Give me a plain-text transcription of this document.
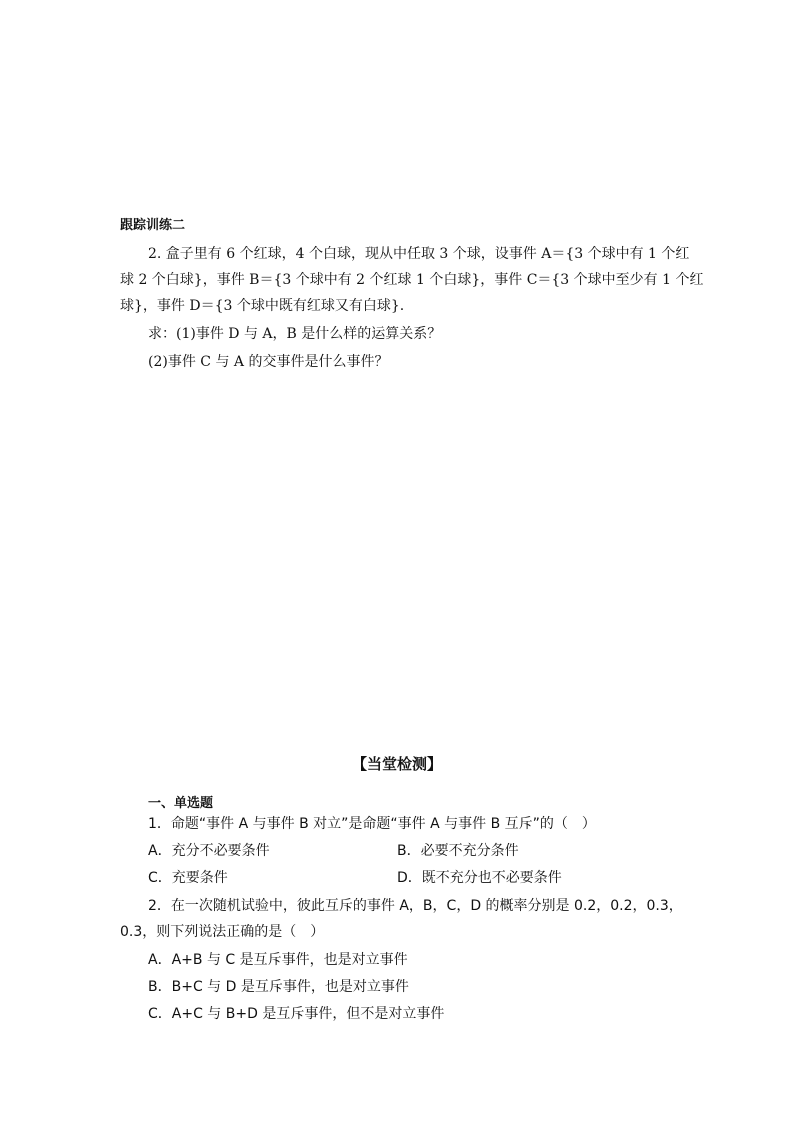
跟踪训练二
2. 盒子里有 6 个红球，4 个白球，现从中任取 3 个球，设事件 A＝{3 个球中有 1 个红
球 2 个白球}，事件 B＝{3 个球中有 2 个红球 1 个白球}，事件 C＝{3 个球中至少有 1 个红
球}，事件 D＝{3 个球中既有红球又有白球}.
求：(1)事件 D 与 A，B 是什么样的运算关系？
(2)事件 C 与 A 的交事件是什么事件？
【当堂检测】
一、单选题
1．命题“事件 A 与事件 B 对立”是命题“事件 A 与事件 B 互斥”的（　）
A．充分不必要条件	B．必要不充分条件
C．充要条件	D．既不充分也不必要条件
2．在一次随机试验中，彼此互斥的事件 A，B，C，D 的概率分别是 0.2，0.2，0.3，
0.3，则下列说法正确的是（　）
A．A+B 与 C 是互斥事件，也是对立事件
B．B+C 与 D 是互斥事件，也是对立事件
C．A+C 与 B+D 是互斥事件，但不是对立事件
